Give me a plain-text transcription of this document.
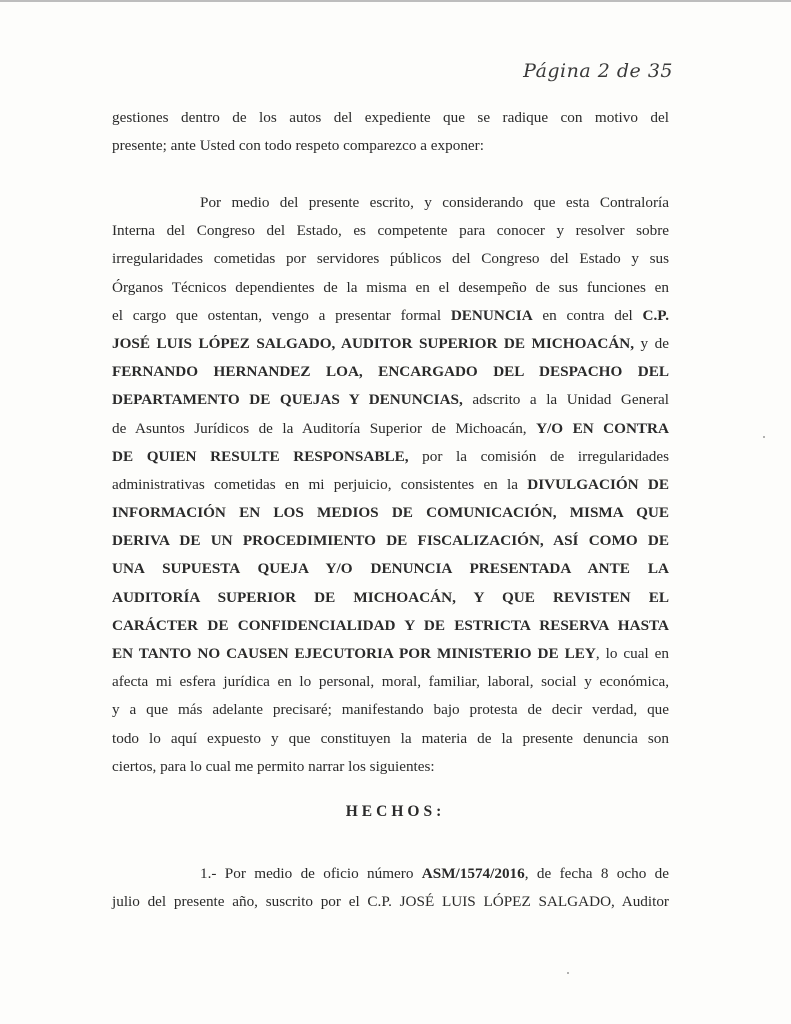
Página 2 de 35
gestiones dentro de los autos del expediente que se radique con motivo del
presente; ante Usted con todo respeto comparezco a exponer:
Por medio del presente escrito, y considerando que esta Contraloría
Interna del Congreso del Estado, es competente para conocer y resolver sobre
irregularidades cometidas por servidores públicos del Congreso del Estado y sus
Órganos Técnicos dependientes de la misma en el desempeño de sus funciones en
el cargo que ostentan, vengo a presentar formal DENUNCIA en contra del C.P.
JOSÉ LUIS LÓPEZ SALGADO, AUDITOR SUPERIOR DE MICHOACÁN, y de
FERNANDO HERNANDEZ LOA, ENCARGADO DEL DESPACHO DEL
DEPARTAMENTO DE QUEJAS Y DENUNCIAS, adscrito a la Unidad General
de Asuntos Jurídicos de la Auditoría Superior de Michoacán, Y/O EN CONTRA
DE QUIEN RESULTE RESPONSABLE, por la comisión de irregularidades
administrativas cometidas en mi perjuicio, consistentes en la DIVULGACIÓN DE
INFORMACIÓN EN LOS MEDIOS DE COMUNICACIÓN, MISMA QUE
DERIVA DE UN PROCEDIMIENTO DE FISCALIZACIÓN, ASÍ COMO DE
UNA SUPUESTA QUEJA Y/O DENUNCIA PRESENTADA ANTE LA
AUDITORÍA SUPERIOR DE MICHOACÁN, Y QUE REVISTEN EL
CARÁCTER DE CONFIDENCIALIDAD Y DE ESTRICTA RESERVA HASTA
EN TANTO NO CAUSEN EJECUTORIA POR MINISTERIO DE LEY, lo cual en
afecta mi esfera jurídica en lo personal, moral, familiar, laboral, social y económica,
y a que más adelante precisaré; manifestando bajo protesta de decir verdad, que
todo lo aquí expuesto y que constituyen la materia de la presente denuncia son
ciertos, para lo cual me permito narrar los siguientes:
HECHOS:
1.- Por medio de oficio número ASM/1574/2016, de fecha 8 ocho de
julio del presente año, suscrito por el C.P. JOSÉ LUIS LÓPEZ SALGADO, Auditor
